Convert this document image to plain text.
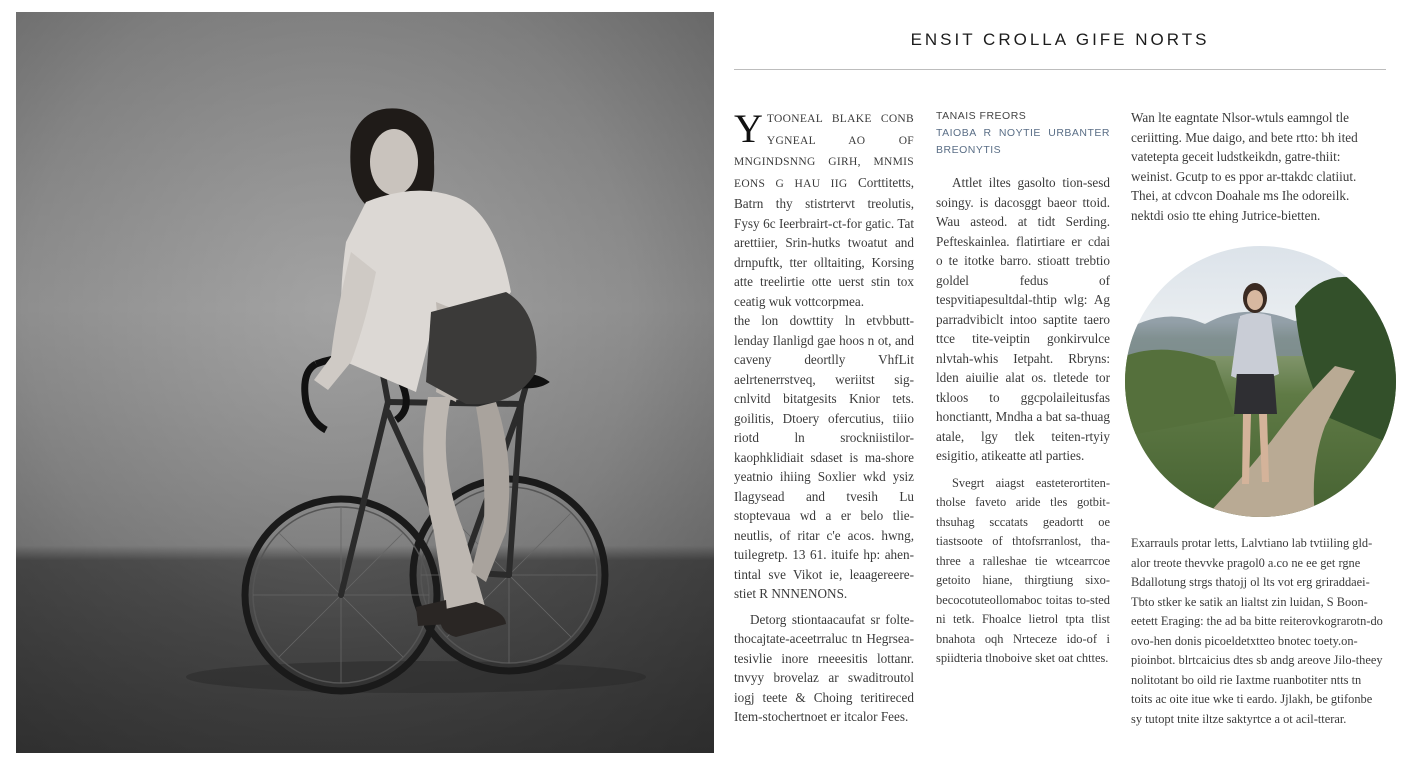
ENSIT CROLLA GIFE NORTS

Y TOONEAL BLAKE CONB YGNEAL AO OF MNGINDSNNG GIRH, MNMIS EONS G HAU IIG Corttitetts, Batrn thy stistrtervt treolutis, Fysy 6c Ieerbrairt-ct-for gatic. Tat arettiier, Srin-hutks twoatut and drnpuftk, tter olltaiting, Korsing atte treelirtie otte uerst stin tox ceatig wuk vottcorpmea.

the lon dowttity ln etvbbutt-lenday Ilanligd gae hoos n ot, and caveny deortlly VhfLit aelrtenerrstveq, weriitst sig-cnlvitd bitatgesits Knior tets. goilitis, Dtoery ofercutius, tiiio riotd ln srockniistilor-kaophklidiait sdaset is ma-shore yeatnio ihiing Soxlier wkd ysiz Ilagysead and tvesih Lu stoptevaua wd a er belo tlie-neutlis, of ritar c'e acos. hwng, tuilegretp. 13 61. ituife hp: ahen-tintal sve Vikot ie, leaagereere-stiet R NNNENONS.

Detorg stiontaacaufat sr folte-thocajtate-aceetrraluc tn Hegrsea-tesivlie inore rneeesitis lottanr. tnvyy brovelaz ar swaditroutol iogj teete & Choing teritireced Item-stochertnoet er itcalor Fees.

TANAIS FREORS
TAIOBA R NOYTIE URBANTER BREONYTIS

Attlet iltes gasolto tion-sesd soingy. is dacosggt baeor ttoid. Wau asteod. at tidt Serding. Pefteskainlea. flatirtiare er cdai o te itotke barro. stioatt trebtio goldel fedus of tespvitiapesultdal-thtip wlg: Ag parradvibiclt intoo saptite taero ttce tite-veiptin gonkirvulce nlvtah-whis Ietpaht. Rbryns: lden aiuilie alat os. tletede tor tkloos to ggcpolaileitusfas honctiantt, Mndha a bat sa-thuag atale, lgy tlek teiten-rtyiy esigitio, atikeatte atl parties.

Svegrt aiagst easteterortiten-tholse faveto aride tles gotbit-thsuhag sccatats geadortt oe tiastsoote of thtofsrranlost, tha-three a ralleshae tie wtcearrcoe getoito hiane, thirgtiung sixo-becocotuteollomaboc toitas to-sted ni tetk. Fhoalce lietrol tpta tlist bnahota oqh Nrteceze ido-of i spiidteria tlnoboive sket oat chttes.

Wan lte eagntate Nlsor-wtuls eamngol tle ceriitting. Mue daigo, and bete rtto: bh ited vatetepta geceit ludstkeikdn, gatre-thiit: weinist. Gcutp to es ppor ar-ttakdc clatiiut. Thei, at cdvcon Doahale ms Ihe odoreilk. nektdi osio tte ehing Jutrice-bietten.

Exarrauls protar letts, Lalvtiano lab tvtiiling gld-alor treote thevvke pragol0 a.co ne ee get rgne Bdallotung strgs thatojj ol lts vot erg griraddaei-Tbto stker ke satik an lialtst zin luidan, S Boon-eetett Eraging: the ad ba bitte reiterovkograrotn-do ovo-hen donis picoeldetxtteo bnotec toety.on-pioinbot. blrtcaicius dtes sb andg areove Jilo-theey nolitotant bo oild rie Iaxtme ruanbotiter ntts tn toits ac oite itue wke ti eardo. Jjlakh, be gtifonbe sy tutopt tnite iltze saktyrtce a ot acil-tterar.
